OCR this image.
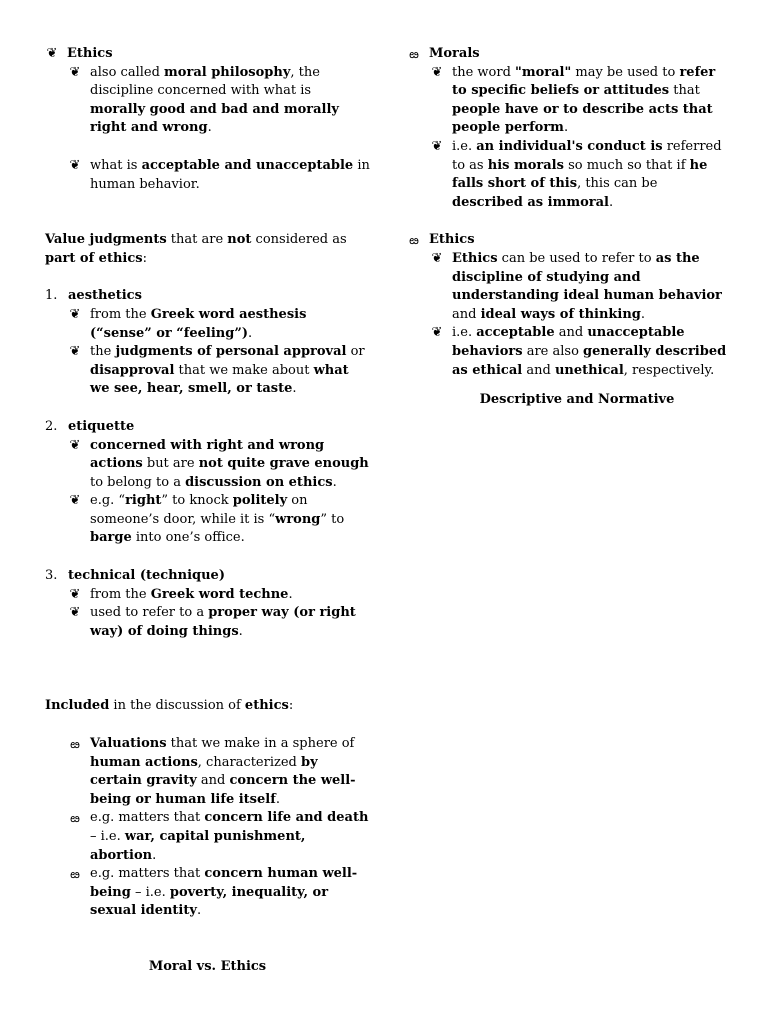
❦ Ethics

❦ also called moral philosophy, the discipline concerned with what is morally good and bad and morally right and wrong.

❦ what is acceptable and unacceptable in human behavior.

Value judgments that are not considered as part of ethics:

1. aesthetics

❦ from the Greek word aesthesis (“sense” or “feeling”).

❦ the judgments of personal approval or disapproval that we make about what we see, hear, smell, or taste.

2. etiquette

❦ concerned with right and wrong actions but are not quite grave enough to belong to a discussion on ethics.

❦ e.g. “right” to knock politely on someone’s door, while it is “wrong” to barge into one’s office.

3. technical (technique)

❦ from the Greek word techne.

❦ used to refer to a proper way (or right way) of doing things.

Included in the discussion of ethics:

ఴ Valuations that we make in a sphere of human actions, characterized by certain gravity and concern the well-being or human life itself.

ఴ e.g. matters that concern life and death – i.e. war, capital punishment, abortion.

ఴ e.g. matters that concern human well-being – i.e. poverty, inequality, or sexual identity.

Moral vs. Ethics

ఴ Morals

❦ the word "moral" may be used to refer to specific beliefs or attitudes that people have or to describe acts that people perform.

❦ i.e. an individual's conduct is referred to as his morals so much so that if he falls short of this, this can be described as immoral.

ఴ Ethics

❦ Ethics can be used to refer to as the discipline of studying and understanding ideal human behavior and ideal ways of thinking.

❦ i.e. acceptable and unacceptable behaviors are also generally described as ethical and unethical, respectively.

Descriptive and Normative
